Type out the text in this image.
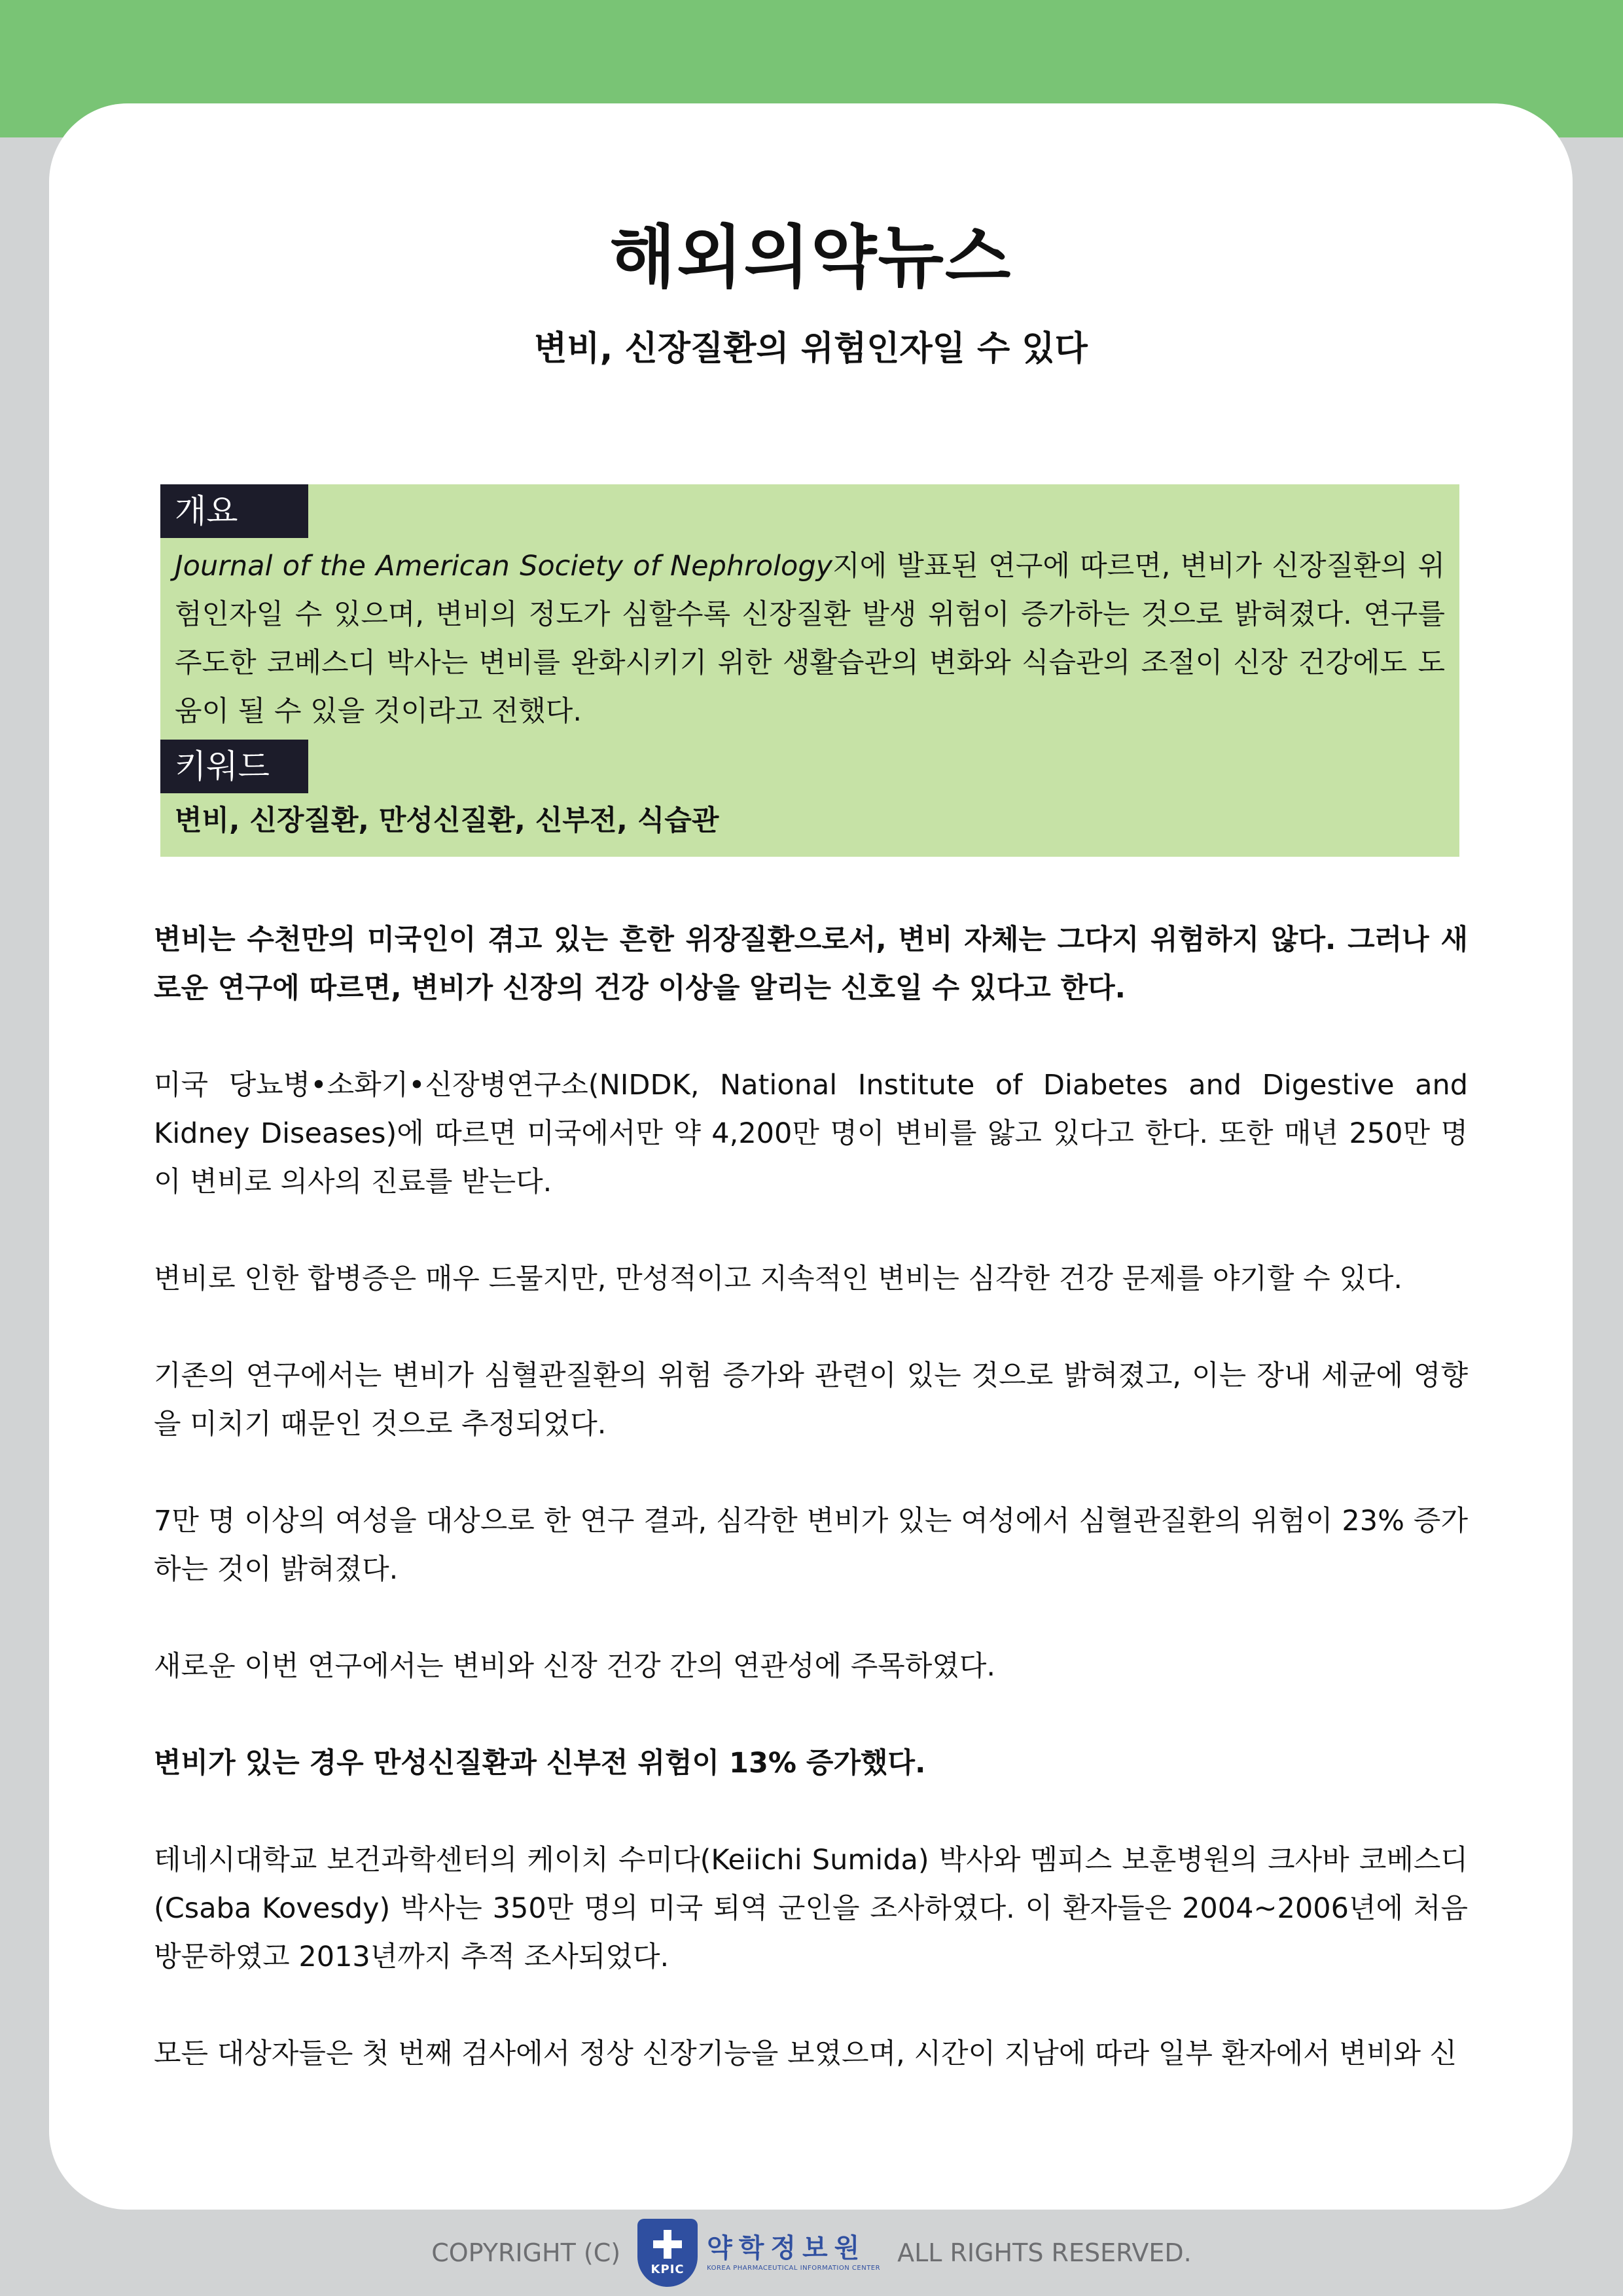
해외의약뉴스
변비, 신장질환의 위험인자일 수 있다
개요

Journal of the American Society of Nephrology지에 발표된 연구에 따르면, 변비가 신장질환의 위험인자일 수 있으며, 변비의 정도가 심할수록 신장질환 발생 위험이 증가하는 것으로 밝혀졌다. 연구를 주도한 코베스디 박사는 변비를 완화시키기 위한 생활습관의 변화와 식습관의 조절이 신장 건강에도 도움이 될 수 있을 것이라고 전했다.

키워드

변비, 신장질환, 만성신질환, 신부전, 식습관

변비는 수천만의 미국인이 겪고 있는 흔한 위장질환으로서, 변비 자체는 그다지 위험하지 않다. 그러나 새로운 연구에 따르면, 변비가 신장의 건강 이상을 알리는 신호일 수 있다고 한다.

미국 당뇨병•소화기•신장병연구소(NIDDK, National Institute of Diabetes and Digestive and Kidney Diseases)에 따르면 미국에서만 약 4,200만 명이 변비를 앓고 있다고 한다. 또한 매년 250만 명이 변비로 의사의 진료를 받는다.

변비로 인한 합병증은 매우 드물지만, 만성적이고 지속적인 변비는 심각한 건강 문제를 야기할 수 있다.

기존의 연구에서는 변비가 심혈관질환의 위험 증가와 관련이 있는 것으로 밝혀졌고, 이는 장내 세균에 영향을 미치기 때문인 것으로 추정되었다.

7만 명 이상의 여성을 대상으로 한 연구 결과, 심각한 변비가 있는 여성에서 심혈관질환의 위험이 23% 증가하는 것이 밝혀졌다.

새로운 이번 연구에서는 변비와 신장 건강 간의 연관성에 주목하였다.

변비가 있는 경우 만성신질환과 신부전 위험이 13% 증가했다.

테네시대학교 보건과학센터의 케이치 수미다(Keiichi Sumida) 박사와 멤피스 보훈병원의 크사바 코베스디(Csaba Kovesdy) 박사는 350만 명의 미국 퇴역 군인을 조사하였다. 이 환자들은 2004~2006년에 처음 방문하였고 2013년까지 추적 조사되었다.

모든 대상자들은 첫 번째 검사에서 정상 신장기능을 보였으며, 시간이 지남에 따라 일부 환자에서 변비와 신

COPYRIGHT (C)
KPIC
약학정보원
KOREA PHARMACEUTICAL INFORMATION CENTER
ALL RIGHTS RESERVED.
